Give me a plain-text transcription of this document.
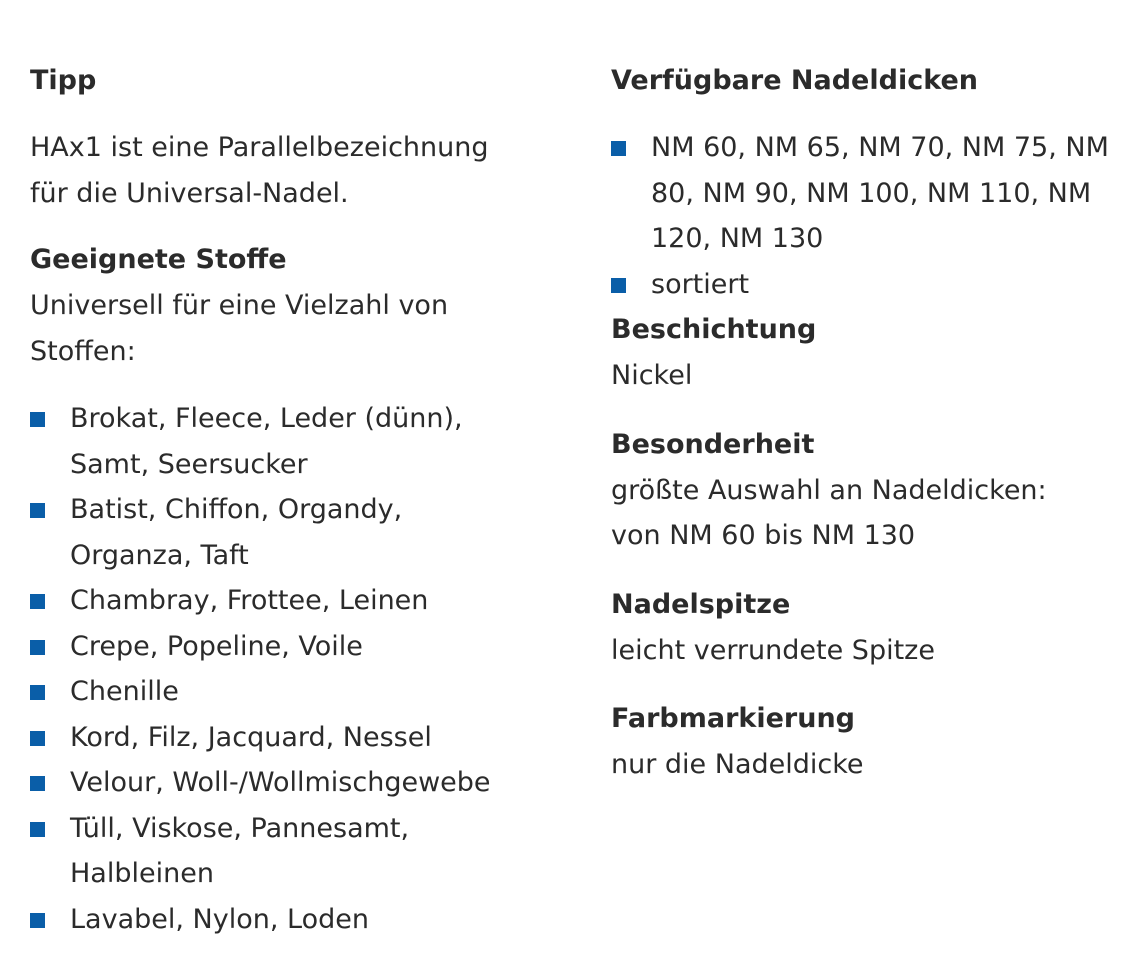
Tipp

HAx1 ist eine Parallelbezeichnung für die Universal-Nadel.

Geeignete Stoffe

Universell für eine Vielzahl von Stoffen:

Brokat, Fleece, Leder (dünn), Samt, Seersucker
Batist, Chiffon, Organdy, Organza, Taft
Chambray, Frottee, Leinen
Crepe, Popeline, Voile
Chenille
Kord, Filz, Jacquard, Nessel
Velour, Woll-/Wollmischgewebe
Tüll, Viskose, Pannesamt, Halbleinen
Lavabel, Nylon, Loden
Verfügbare Nadeldicken
NM 60, NM 65, NM 70, NM 75, NM 80, NM 90, NM 100, NM 110, NM 120, NM 130
sortiert
Beschichtung

Nickel

Besonderheit

größte Auswahl an Nadeldicken: von NM 60 bis NM 130

Nadelspitze

leicht verrundete Spitze

Farbmarkierung

nur die Nadeldicke
